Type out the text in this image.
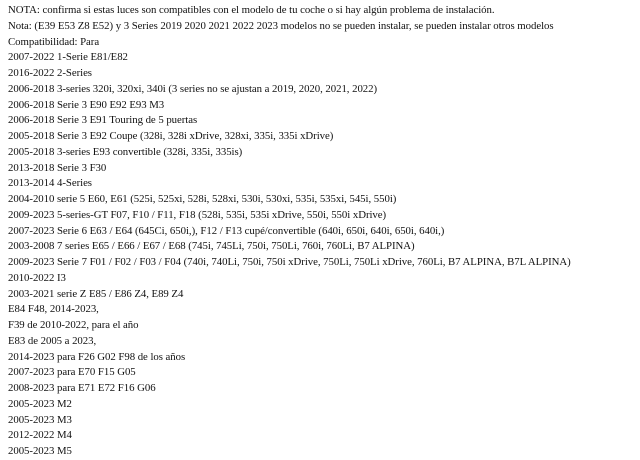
NOTA: confirma si estas luces son compatibles con el modelo de tu coche o si hay algún problema de instalación.
Nota: (E39 E53 Z8 E52) y 3 Series 2019 2020 2021 2022 2023 modelos no se pueden instalar, se pueden instalar otros modelos
Compatibilidad: Para
2007-2022 1-Serie E81/E82
2016-2022 2-Series
2006-2018 3-series 320i, 320xi, 340i (3 series no se ajustan a 2019, 2020, 2021, 2022)
2006-2018 Serie 3 E90 E92 E93 M3
2006-2018 Serie 3 E91 Touring de 5 puertas
2005-2018 Serie 3 E92 Coupe (328i, 328i xDrive, 328xi, 335i, 335i xDrive)
2005-2018 3-series E93 convertible (328i, 335i, 335is)
2013-2018 Serie 3 F30
2013-2014 4-Series
2004-2010 serie 5 E60, E61 (525i, 525xi, 528i, 528xi, 530i, 530xi, 535i, 535xi, 545i, 550i)
2009-2023 5-series-GT F07, F10 / F11, F18 (528i, 535i, 535i xDrive, 550i, 550i xDrive)
2007-2023 Serie 6 E63 / E64 (645Ci, 650i,), F12 / F13 cupé/convertible (640i, 650i, 640i, 650i, 640i,)
2003-2008 7 series E65 / E66 / E67 / E68 (745i, 745Li, 750i, 750Li, 760i, 760Li, B7 ALPINA)
2009-2023 Serie 7 F01 / F02 / F03 / F04 (740i, 740Li, 750i, 750i xDrive, 750Li, 750Li xDrive, 760Li, B7 ALPINA, B7L ALPINA)
2010-2022 I3
2003-2021 serie Z E85 / E86 Z4, E89 Z4
E84 F48, 2014-2023,
F39 de 2010-2022, para el año
E83 de 2005 a 2023,
2014-2023 para F26 G02 F98 de los años
2007-2023 para E70 F15 G05
2008-2023 para E71 E72 F16 G06
2005-2023 M2
2005-2023 M3
2012-2022 M4
2005-2023 M5
